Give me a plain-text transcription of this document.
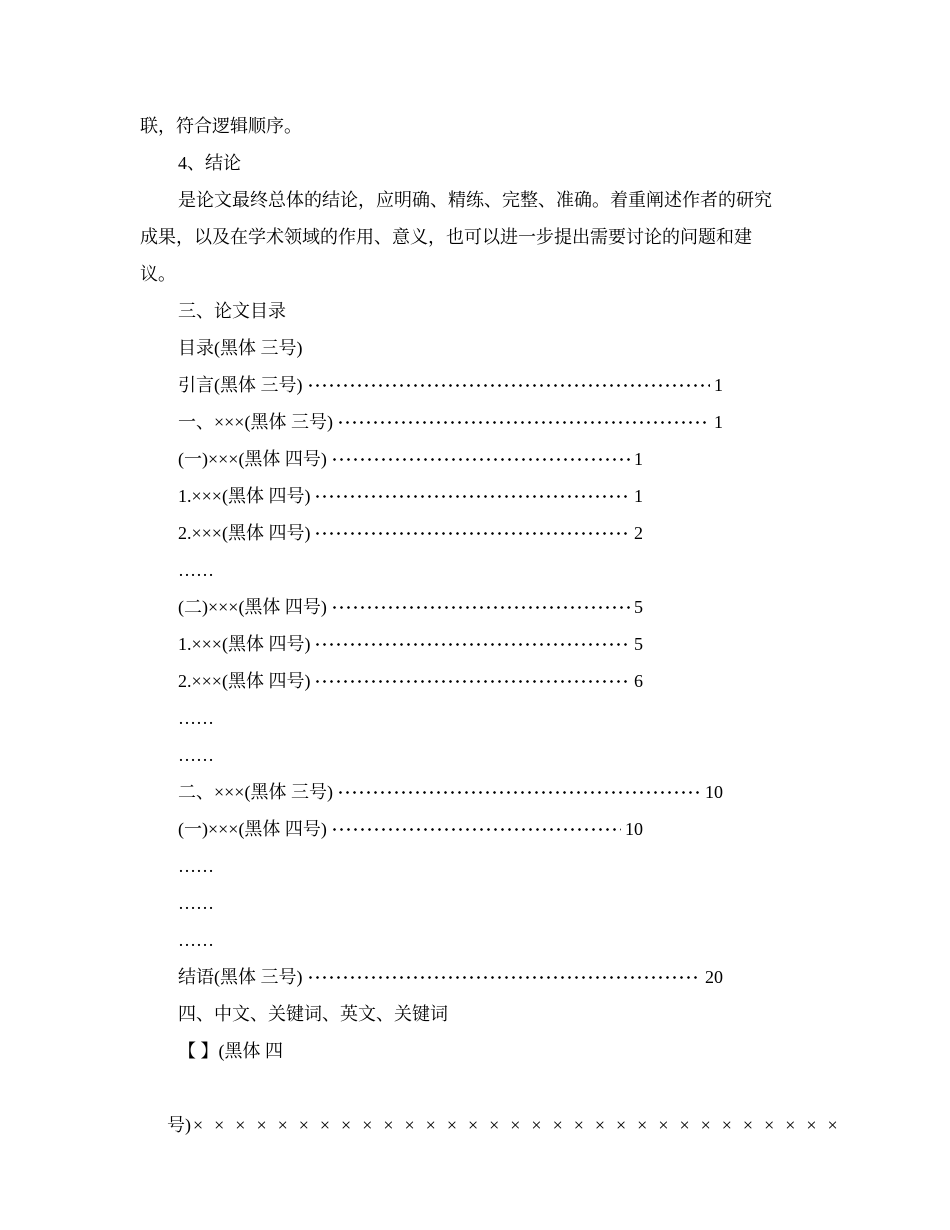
联，符合逻辑顺序。
4、结论
是论文最终总体的结论，应明确、精练、完整、准确。着重阐述作者的研究
成果，以及在学术领域的作用、意义，也可以进一步提出需要讨论的问题和建
议。
三、论文目录
目录(黑体 三号)
引言(黑体 三号)	1
一、×××(黑体 三号)	1
(一)×××(黑体 四号)	1
1.×××(黑体 四号)	1
2.×××(黑体 四号)	2
……
(二)×××(黑体 四号)	5
1.×××(黑体 四号)	5
2.×××(黑体 四号)	6
……
……
二、×××(黑体 三号)	10
(一)×××(黑体 四号)	10
……
……
……
结语(黑体 三号)	20
四、中文、关键词、英文、关键词
【 】(黑体 四

号) ×××××××××××××××××××××××××××××××
